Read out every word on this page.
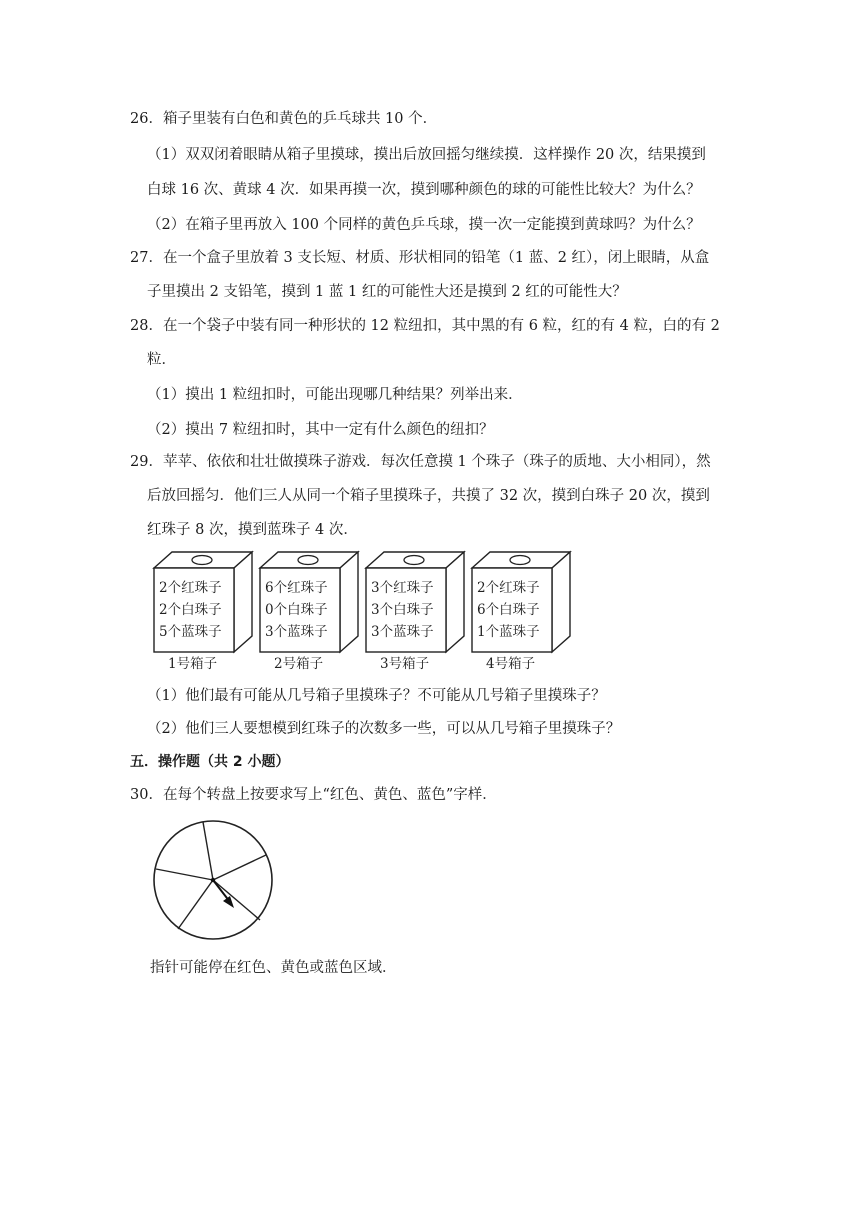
26．箱子里装有白色和黄色的乒乓球共 10 个．
（1）双双闭着眼睛从箱子里摸球，摸出后放回摇匀继续摸．这样操作 20 次，结果摸到
白球 16 次、黄球 4 次．如果再摸一次，摸到哪种颜色的球的可能性比较大？为什么？
（2）在箱子里再放入 100 个同样的黄色乒乓球，摸一次一定能摸到黄球吗？为什么？
27．在一个盒子里放着 3 支长短、材质、形状相同的铅笔（1 蓝、2 红），闭上眼睛，从盒
子里摸出 2 支铅笔，摸到 1 蓝 1 红的可能性大还是摸到 2 红的可能性大？
28．在一个袋子中装有同一种形状的 12 粒纽扣，其中黑的有 6 粒，红的有 4 粒，白的有 2
粒．
（1）摸出 1 粒纽扣时，可能出现哪几种结果？列举出来．
（2）摸出 7 粒纽扣时，其中一定有什么颜色的纽扣？
29．苹苹、依依和壮壮做摸珠子游戏．每次任意摸 1 个珠子（珠子的质地、大小相同），然
后放回摇匀．他们三人从同一个箱子里摸珠子，共摸了 32 次，摸到白珠子 20 次，摸到
红珠子 8 次，摸到蓝珠子 4 次．
2个红珠子
2个白珠子
5个蓝珠子
1号箱子
6个红珠子
0个白珠子
3个蓝珠子
2号箱子
3个红珠子
3个白珠子
3个蓝珠子
3号箱子
2个红珠子
6个白珠子
1个蓝珠子
4号箱子
（1）他们最有可能从几号箱子里摸珠子？不可能从几号箱子里摸珠子？
（2）他们三人要想模到红珠子的次数多一些，可以从几号箱子里摸珠子？
五．操作题（共 2 小题）
30．在每个转盘上按要求写上“红色、黄色、蓝色”字样．
指针可能停在红色、黄色或蓝色区域．
